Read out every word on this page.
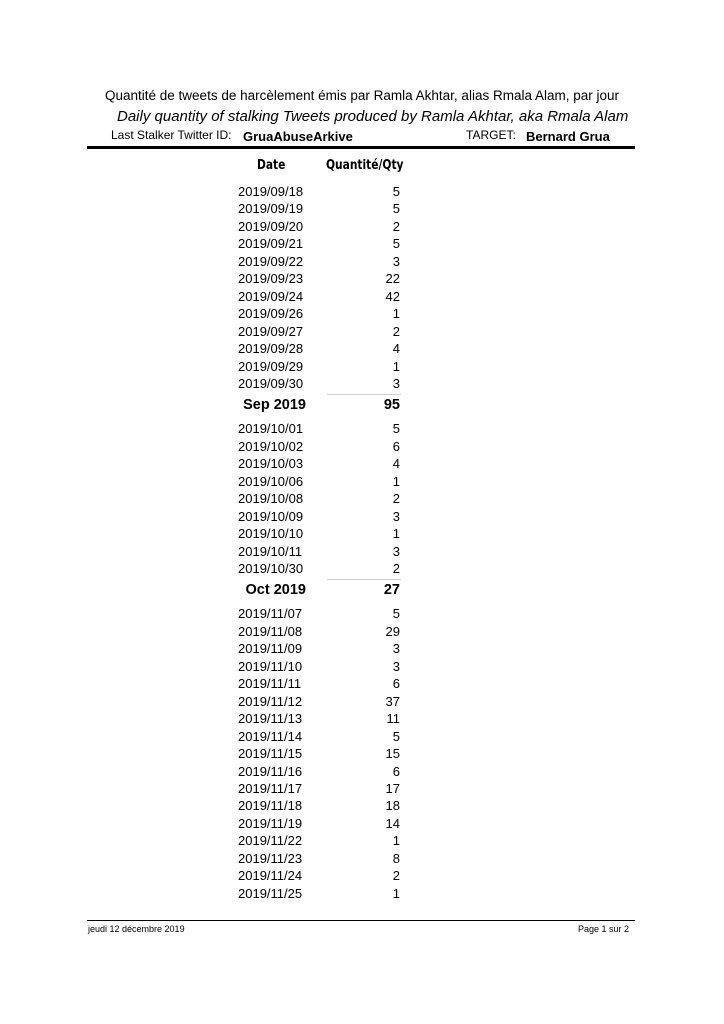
Quantité de tweets de harcèlement émis par Ramla Akhtar, alias Rmala Alam, par jour
Daily quantity of stalking Tweets produced by Ramla Akhtar, aka Rmala Alam
Last Stalker Twitter ID: GruaAbuseArkive	TARGET: Bernard Grua
Date	Quantité/Qty
2019/09/18	5
2019/09/19	5
2019/09/20	2
2019/09/21	5
2019/09/22	3
2019/09/23	22
2019/09/24	42
2019/09/26	1
2019/09/27	2
2019/09/28	4
2019/09/29	1
2019/09/30	3
Sep 2019	95
2019/10/01	5
2019/10/02	6
2019/10/03	4
2019/10/06	1
2019/10/08	2
2019/10/09	3
2019/10/10	1
2019/10/11	3
2019/10/30	2
Oct 2019	27
2019/11/07	5
2019/11/08	29
2019/11/09	3
2019/11/10	3
2019/11/11	6
2019/11/12	37
2019/11/13	11
2019/11/14	5
2019/11/15	15
2019/11/16	6
2019/11/17	17
2019/11/18	18
2019/11/19	14
2019/11/22	1
2019/11/23	8
2019/11/24	2
2019/11/25	1
jeudi 12 décembre 2019	Page 1 sur 2
